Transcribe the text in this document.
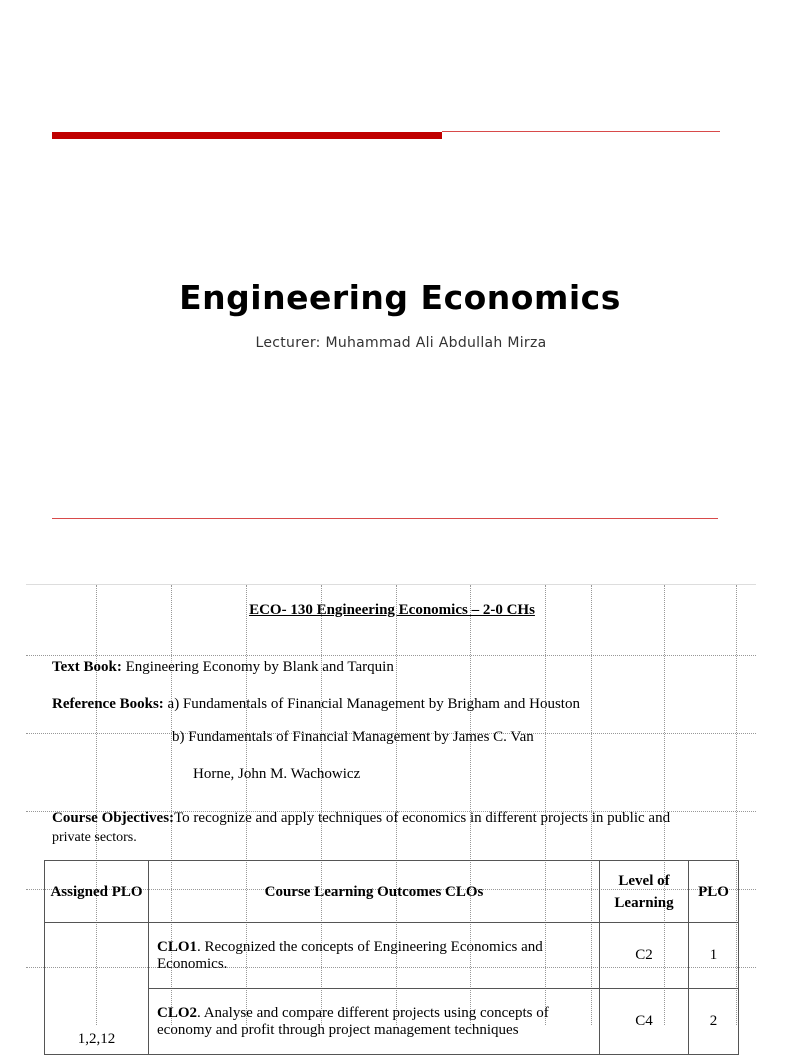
Engineering Economics
Lecturer: Muhammad Ali Abdullah Mirza
ECO- 130 Engineering Economics – 2-0 CHs
Text Book: Engineering Economy by Blank and Tarquin
Reference Books: a) Fundamentals of Financial Management by Brigham and Houston
b) Fundamentals of Financial Management by James C. Van
Horne, John M. Wachowicz
Course Objectives:To recognize and apply techniques of economics in different projects in public and
private sectors.
Assigned PLO	Course Learning Outcomes CLOs	Level of Learning	PLO
1,2,12	CLO1. Recognized the concepts of Engineering Economics and Economics.	C2	1
	CLO2. Analyse and compare different projects using concepts of economy and profit through project management techniques	C4	2
